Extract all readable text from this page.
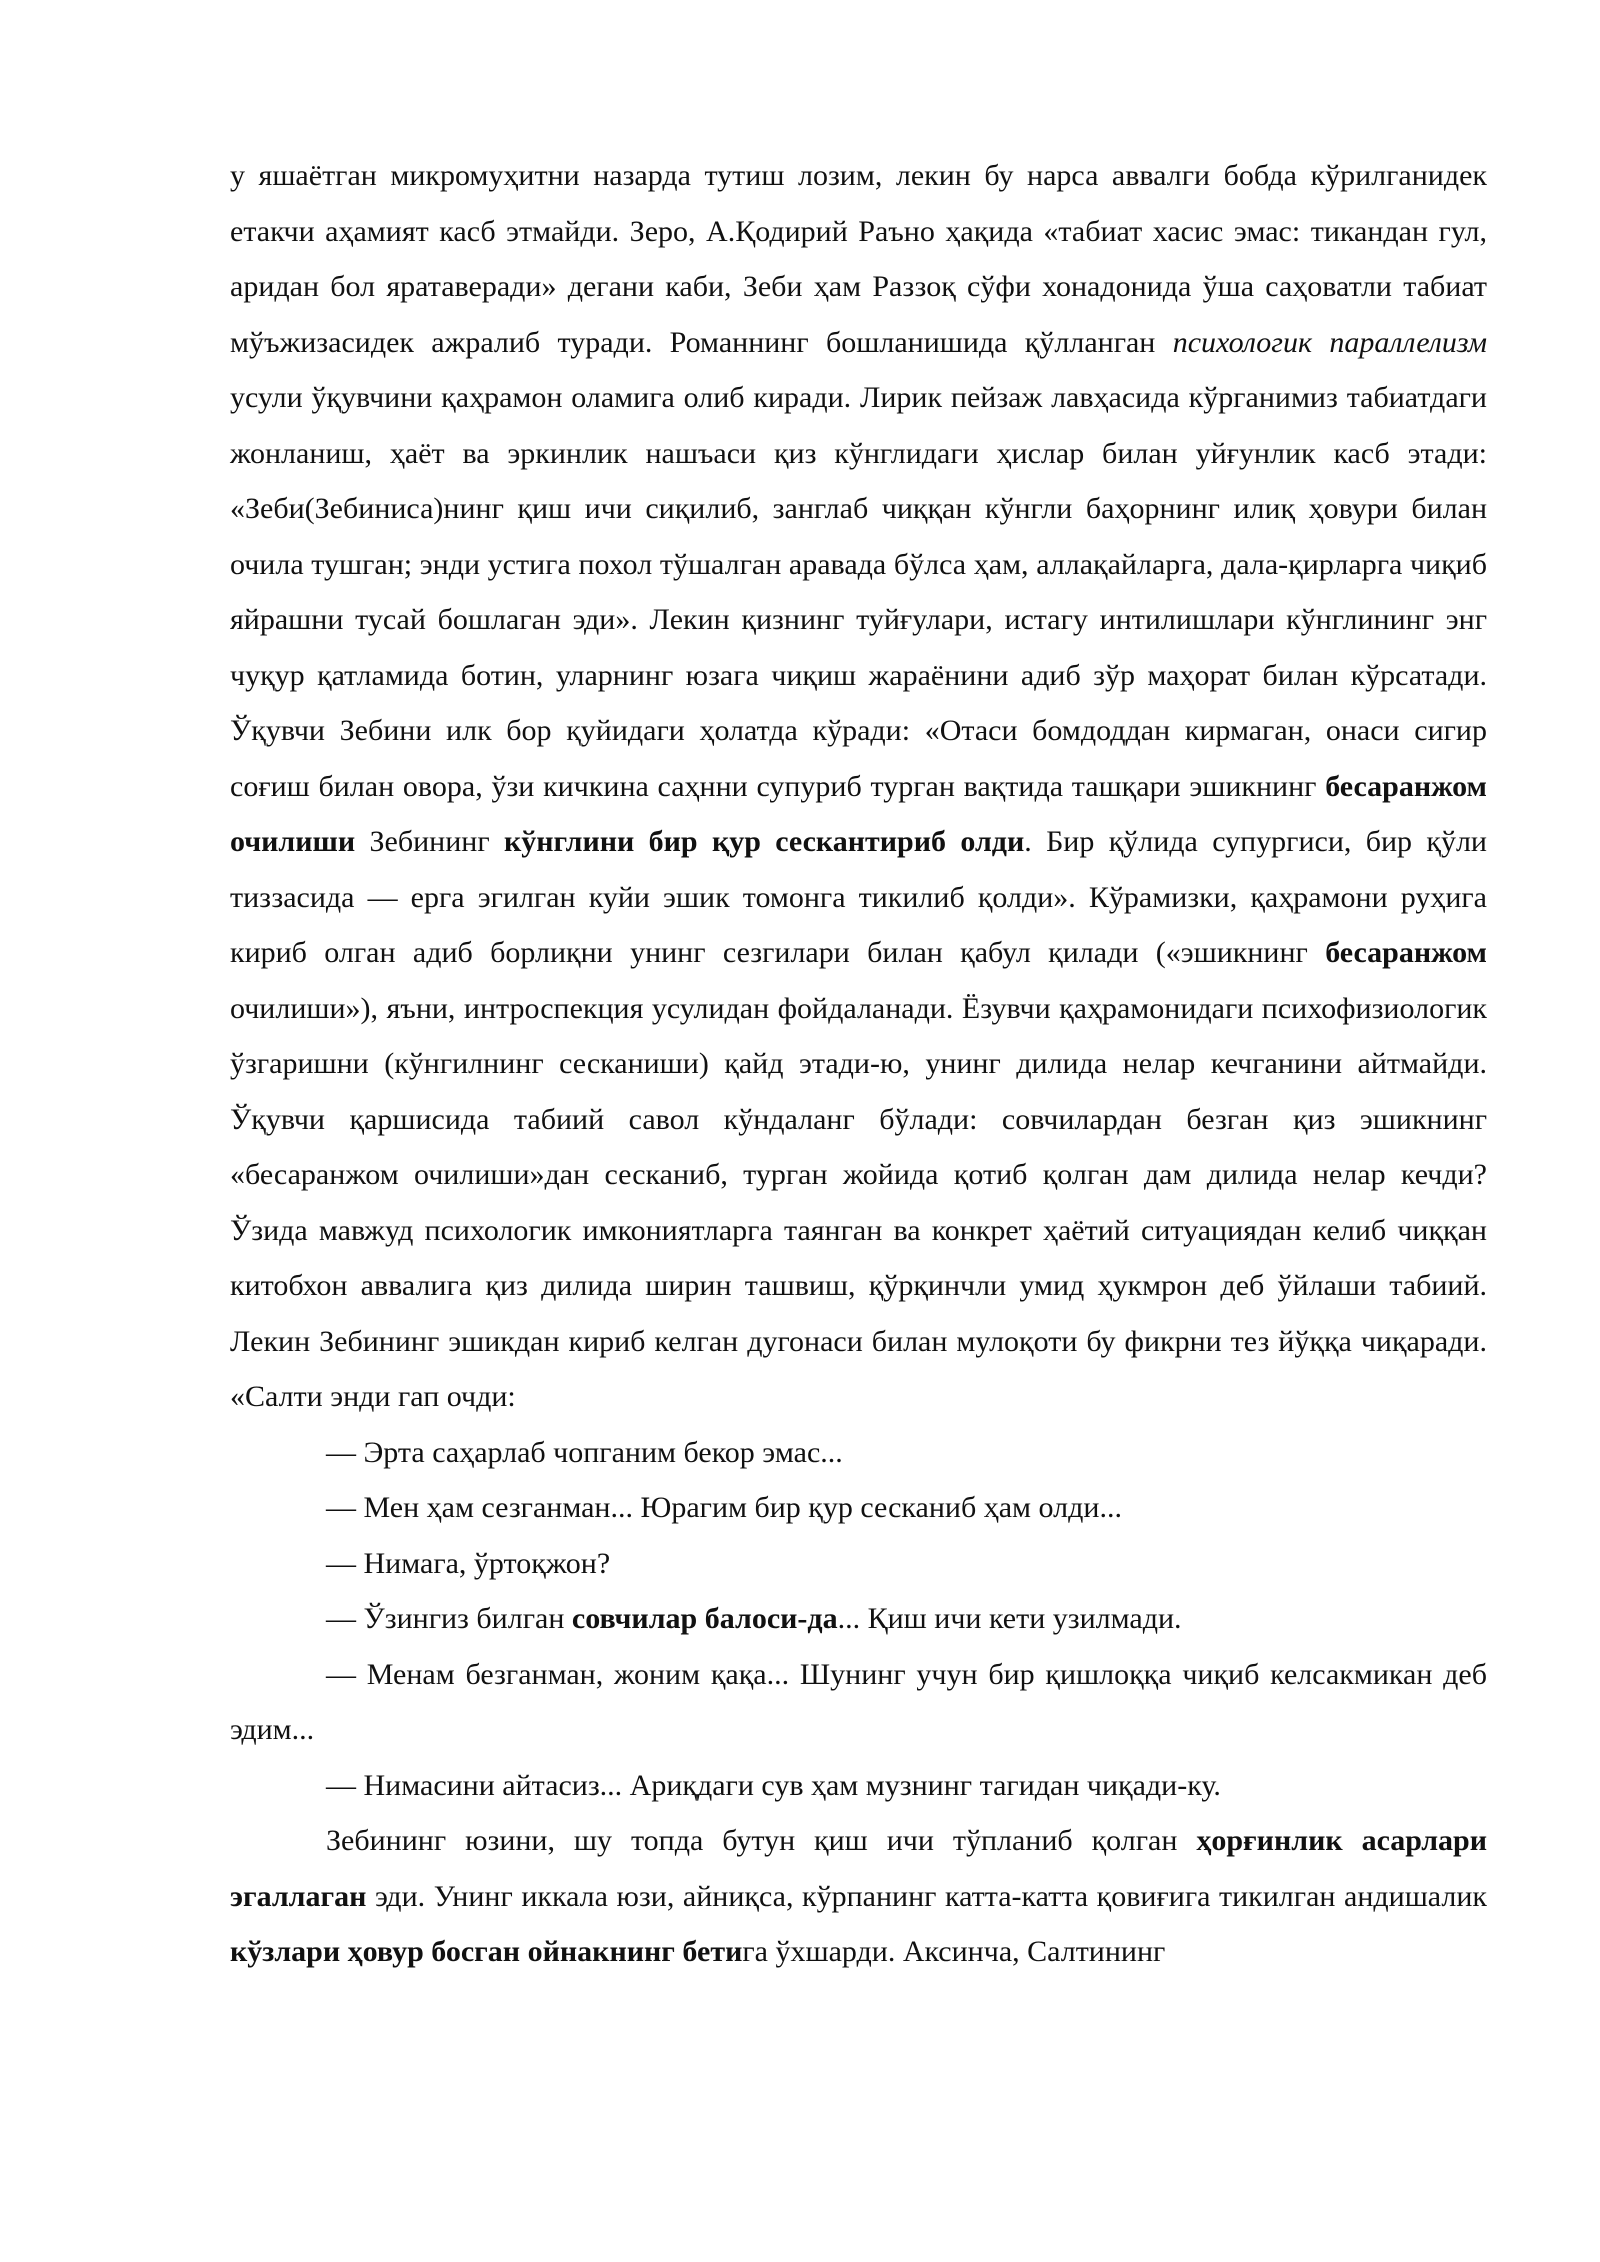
у яшаётган микромуҳитни назарда тутиш лозим, лекин бу нарса аввалги бобда кўрилганидек етакчи аҳамият касб этмайди. Зеро, А.Қодирий Раъно ҳақида «табиат хасис эмас: тикандан гул, аридан бол яратаверади» дегани каби, Зеби ҳам Раззоқ сўфи хонадонида ўша саҳоватли табиат мўъжизасидек ажралиб туради. Романнинг бошланишида қўлланган психологик параллелизм усули ўқувчини қаҳрамон оламига олиб киради. Лирик пейзаж лавҳасида кўрганимиз табиатдаги жонланиш, ҳаёт ва эркинлик нашъаси қиз кўнглидаги ҳислар билан уйғунлик касб этади: «Зеби(Зебиниса)нинг қиш ичи сиқилиб, занглаб чиққан кўнгли баҳорнинг илиқ ҳовури билан очила тушган; энди устига похол тўшалган аравада бўлса ҳам, аллақайларга, дала-қирларга чиқиб яйрашни тусай бошлаган эди». Лекин қизнинг туйғулари, истагу интилишлари кўнглининг энг чуқур қатламида ботин, уларнинг юзага чиқиш жараёнини адиб зўр маҳорат билан кўрсатади. Ўқувчи Зебини илк бор қуйидаги ҳолатда кўради: «Отаси бомдоддан кирмаган, онаси сигир соғиш билан овора, ўзи кичкина саҳнни супуриб турган вақтида ташқари эшикнинг бесаранжом очилиши Зебининг кўнглини бир қур сескантириб олди. Бир қўлида супургиси, бир қўли тиззасида — ерга эгилган куйи эшик томонга тикилиб қолди». Кўрамизки, қаҳрамони руҳига кириб олган адиб борлиқни унинг сезгилари билан қабул қилади («эшикнинг бесаранжом очилиши»), яъни, интроспекция усулидан фойдаланади. Ёзувчи қаҳрамонидаги психофизиологик ўзгаришни (кўнгилнинг сесканиши) қайд этади-ю, унинг дилида нелар кечганини айтмайди. Ўқувчи қаршисида табиий савол кўндаланг бўлади: совчилардан безган қиз эшикнинг «бесаранжом очилиши»дан сесканиб, турган жойида қотиб қолган дам дилида нелар кечди? Ўзида мавжуд психологик имкониятларга таянган ва конкрет ҳаётий ситуациядан келиб чиққан китобхон аввалига қиз дилида ширин ташвиш, қўрқинчли умид ҳукмрон деб ўйлаши табиий. Лекин Зебининг эшикдан кириб келган дугонаси билан мулоқоти бу фикрни тез йўққа чиқаради. «Салти энди гап очди:

— Эрта саҳарлаб чопганим бекор эмас...

— Мен ҳам сезганман... Юрагим бир қур сесканиб ҳам олди...

— Нимага, ўртоқжон?

— Ўзингиз билган совчилар балоси-да... Қиш ичи кети узилмади.

— Менам безганман, жоним қақа... Шунинг учун бир қишлоққа чиқиб келсакмикан деб эдим...

— Нимасини айтасиз... Ариқдаги сув ҳам музнинг тагидан чиқади-ку.

Зебининг юзини, шу топда бутун қиш ичи тўпланиб қолган ҳорғинлик асарлари эгаллаган эди. Унинг иккала юзи, айниқса, кўрпанинг катта-катта қовиғига тикилган андишалик кўзлари ҳовур босган ойнакнинг бетига ўхшарди. Аксинча, Салтининг
